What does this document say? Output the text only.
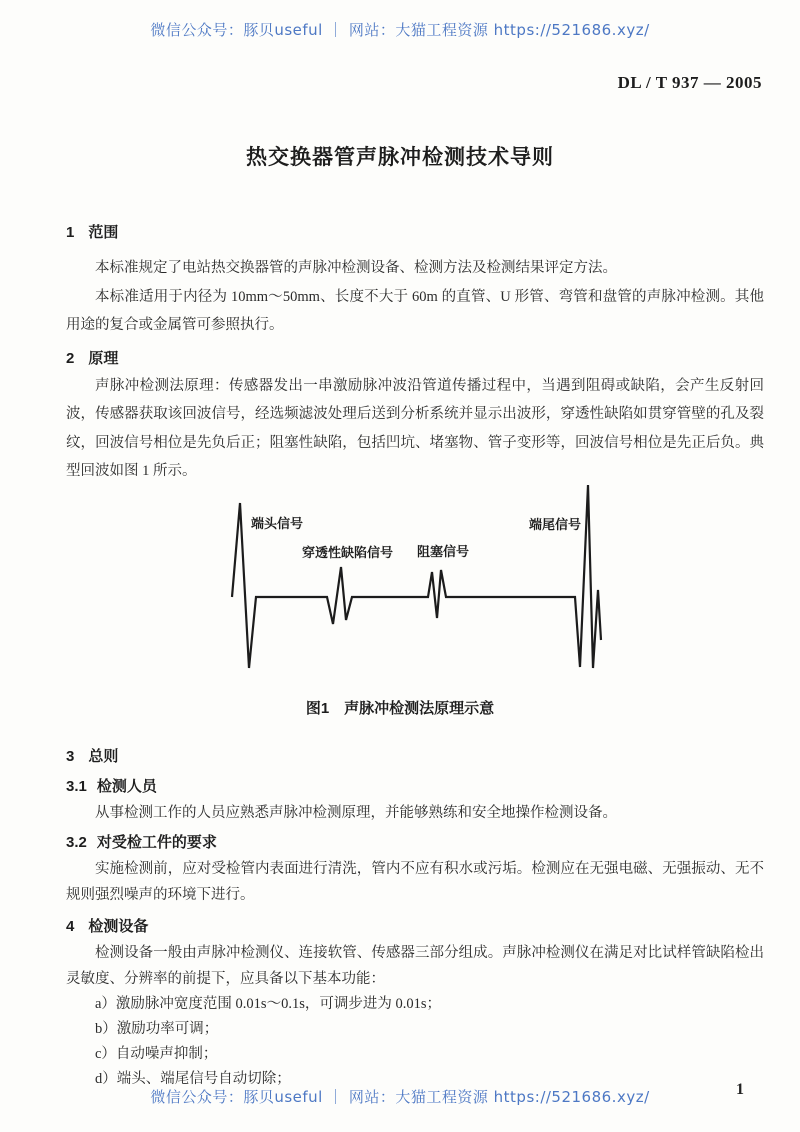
微信公众号：豚贝useful ｜ 网站：大猫工程资源 https://521686.xyz/
DL / T 937 — 2005
热交换器管声脉冲检测技术导则
1 范围

本标准规定了电站热交换器管的声脉冲检测设备、检测方法及检测结果评定方法。

本标准适用于内径为 10mm～50mm、长度不大于 60m 的直管、U 形管、弯管和盘管的声脉冲检测。其他用途的复合或金属管可参照执行。

2 原理

声脉冲检测法原理：传感器发出一串激励脉冲波沿管道传播过程中，当遇到阻碍或缺陷，会产生反射回波，传感器获取该回波信号，经选频滤波处理后送到分析系统并显示出波形，穿透性缺陷如贯穿管壁的孔及裂纹，回波信号相位是先负后正；阻塞性缺陷，包括凹坑、堵塞物、管子变形等，回波信号相位是先正后负。典型回波如图 1 所示。

端头信号
穿透性缺陷信号 阻塞信号
端尾信号
图1　声脉冲检测法原理示意
3 总则
3.1 检测人员

从事检测工作的人员应熟悉声脉冲检测原理，并能够熟练和安全地操作检测设备。

3.2 对受检工件的要求

实施检测前，应对受检管内表面进行清洗，管内不应有积水或污垢。检测应在无强电磁、无强振动、无不规则强烈噪声的环境下进行。

4 检测设备

检测设备一般由声脉冲检测仪、连接软管、传感器三部分组成。声脉冲检测仪在满足对比试样管缺陷检出灵敏度、分辨率的前提下，应具备以下基本功能：

a）激励脉冲宽度范围 0.01s～0.1s，可调步进为 0.01s；
b）激励功率可调；
c）自动噪声抑制；
d）端头、端尾信号自动切除；
微信公众号：豚贝useful ｜ 网站：大猫工程资源 https://521686.xyz/	1
